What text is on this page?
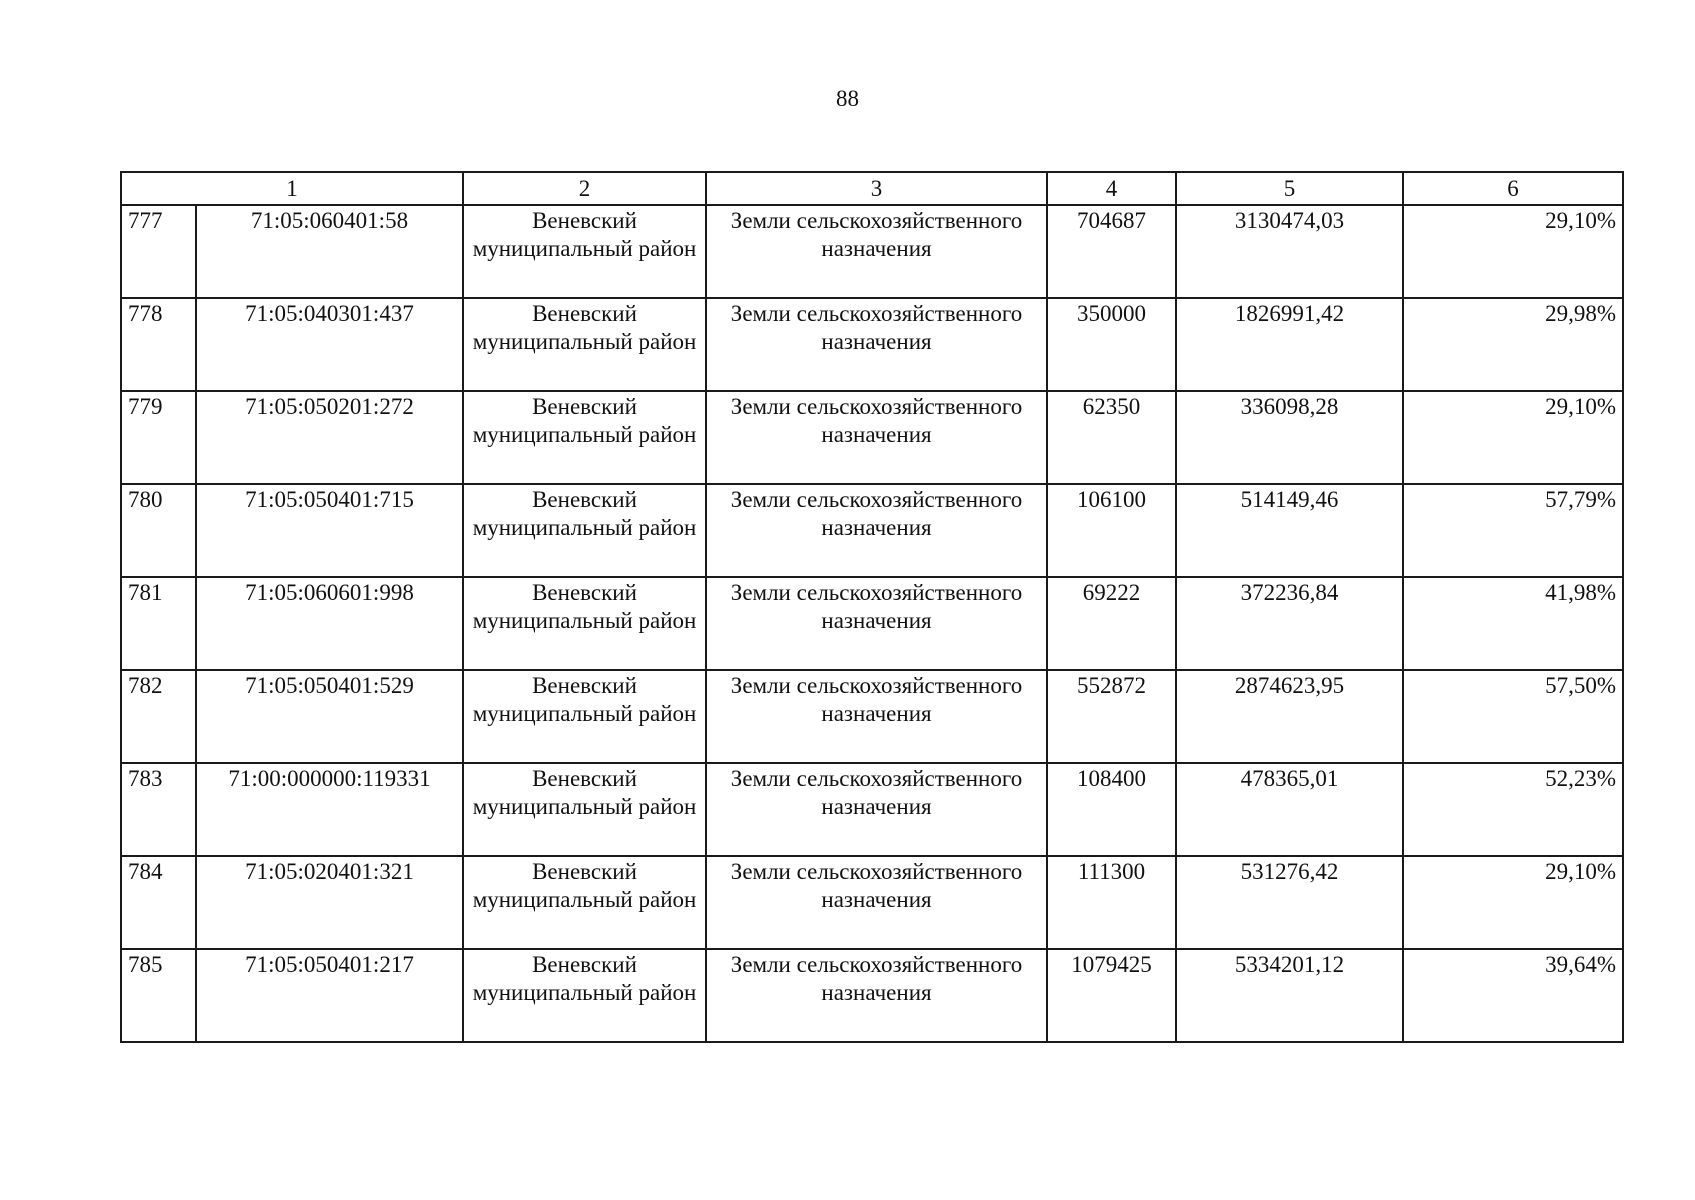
88
1		2	3	4	5	6
777	71:05:060401:58	Веневский муниципальный район	Земли сельскохозяйственного назначения	704687	3130474,03	29,10%
778	71:05:040301:437	Веневский муниципальный район	Земли сельскохозяйственного назначения	350000	1826991,42	29,98%
779	71:05:050201:272	Веневский муниципальный район	Земли сельскохозяйственного назначения	62350	336098,28	29,10%
780	71:05:050401:715	Веневский муниципальный район	Земли сельскохозяйственного назначения	106100	514149,46	57,79%
781	71:05:060601:998	Веневский муниципальный район	Земли сельскохозяйственного назначения	69222	372236,84	41,98%
782	71:05:050401:529	Веневский муниципальный район	Земли сельскохозяйственного назначения	552872	2874623,95	57,50%
783	71:00:000000:119331	Веневский муниципальный район	Земли сельскохозяйственного назначения	108400	478365,01	52,23%
784	71:05:020401:321	Веневский муниципальный район	Земли сельскохозяйственного назначения	111300	531276,42	29,10%
785	71:05:050401:217	Веневский муниципальный район	Земли сельскохозяйственного назначения	1079425	5334201,12	39,64%
